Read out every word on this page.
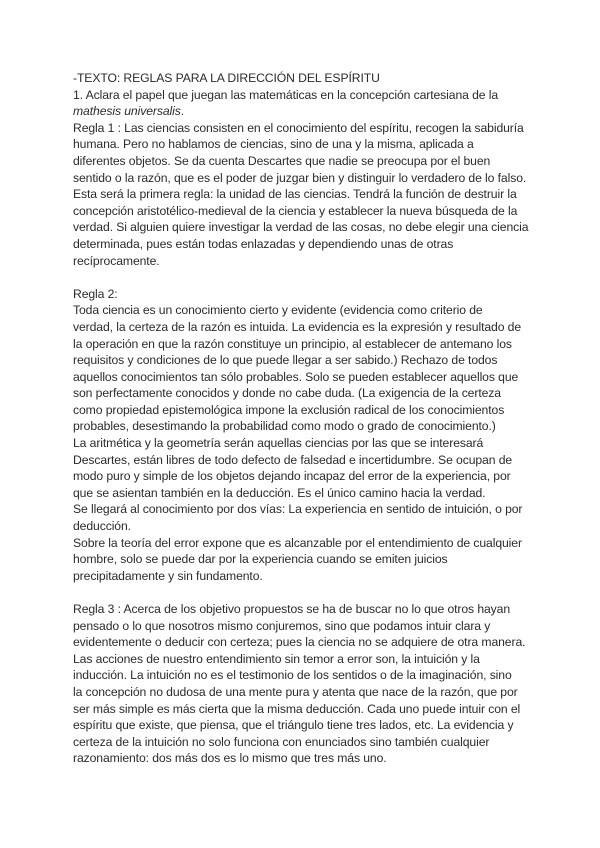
-TEXTO: REGLAS PARA LA DIRECCIÓN DEL ESPÍRITU
1. Aclara el papel que juegan las matemáticas en la concepción cartesiana de la
mathesis universalis.
Regla 1 : Las ciencias consisten en el conocimiento del espíritu, recogen la sabiduría
humana. Pero no hablamos de ciencias, sino de una y la misma, aplicada a
diferentes objetos. Se da cuenta Descartes que nadie se preocupa por el buen
sentido o la razón, que es el poder de juzgar bien y distinguir lo verdadero de lo falso.
Esta será la primera regla: la unidad de las ciencias. Tendrá la función de destruir la
concepción aristotélico-medieval de la ciencia y establecer la nueva búsqueda de la
verdad. Si alguien quiere investigar la verdad de las cosas, no debe elegir una ciencia
determinada, pues están todas enlazadas y dependiendo unas de otras
recíprocamente.
Regla 2:
Toda ciencia es un conocimiento cierto y evidente (evidencia como criterio de
verdad, la certeza de la razón es intuida. La evidencia es la expresión y resultado de
la operación en que la razón constituye un principio, al establecer de antemano los
requisitos y condiciones de lo que puede llegar a ser sabido.) Rechazo de todos
aquellos conocimientos tan sólo probables. Solo se pueden establecer aquellos que
son perfectamente conocidos y donde no cabe duda. (La exigencia de la certeza
como propiedad epistemológica impone la exclusión radical de los conocimientos
probables, desestimando la probabilidad como modo o grado de conocimiento.)
La aritmética y la geometría serán aquellas ciencias por las que se interesará
Descartes, están libres de todo defecto de falsedad e incertidumbre. Se ocupan de
modo puro y simple de los objetos dejando incapaz del error de la experiencia, por
que se asientan también en la deducción. Es el único camino hacia la verdad.
Se llegará al conocimiento por dos vías: La experiencia en sentido de intuición, o por
deducción.
Sobre la teoría del error expone que es alcanzable por el entendimiento de cualquier
hombre, solo se puede dar por la experiencia cuando se emiten juicios
precipitadamente y sin fundamento.
Regla 3 : Acerca de los objetivo propuestos se ha de buscar no lo que otros hayan
pensado o lo que nosotros mismo conjuremos, sino que podamos intuir clara y
evidentemente o deducir con certeza; pues la ciencia no se adquiere de otra manera.
Las acciones de nuestro entendimiento sin temor a error son, la intuición y la
inducción. La intuición no es el testimonio de los sentidos o de la imaginación, sino
la concepción no dudosa de una mente pura y atenta que nace de la razón, que por
ser más simple es más cierta que la misma deducción. Cada uno puede intuir con el
espíritu que existe, que piensa, que el triángulo tiene tres lados, etc. La evidencia y
certeza de la intuición no solo funciona con enunciados sino también cualquier
razonamiento: dos más dos es lo mismo que tres más uno.
